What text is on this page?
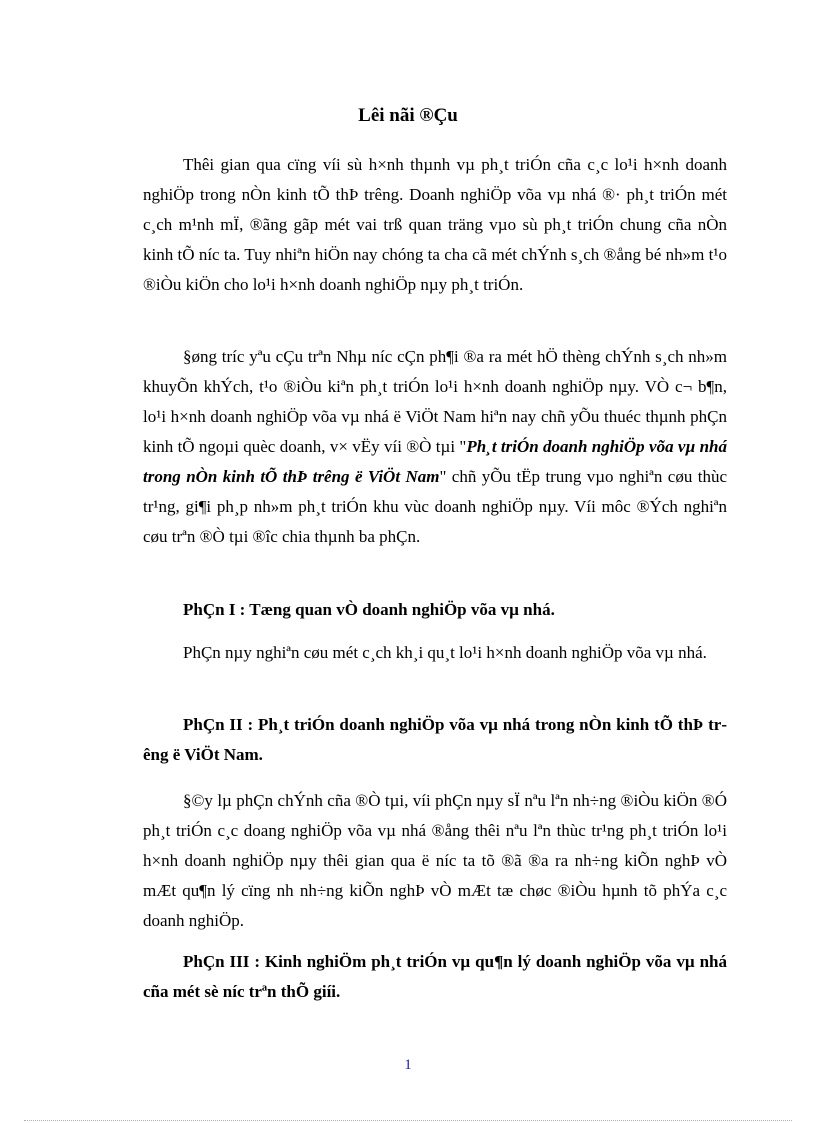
Lêi nãi ®Çu

Thêi gian qua cïng víi sù h×nh thµnh vµ ph¸t triÓn cña c¸c lo¹i h×nh doanh nghiÖp trong nÒn kinh tÕ thÞ trêng. Doanh nghiÖp võa vµ nhá ®· ph¸t triÓn mét c¸ch m¹nh mÏ, ®ãng gãp mét vai trß quan träng vµo sù ph¸t triÓn chung cña nÒn kinh tÕ níc ta. Tuy nhiªn hiÖn nay chóng ta cha cã mét chÝnh s¸ch ®ång bé nh»m t¹o ®iÒu kiÖn cho lo¹i h×nh doanh nghiÖp nµy ph¸t triÓn.

§øng tríc yªu cÇu trªn Nhµ níc cÇn ph¶i ®a ra mét hÖ thèng chÝnh s¸ch nh»m khuyÕn khÝch, t¹o ®iÒu kiªn ph¸t triÓn lo¹i h×nh doanh nghiÖp nµy. VÒ c¬ b¶n, lo¹i h×nh doanh nghiÖp võa vµ nhá ë ViÖt Nam hiªn nay chñ yÕu thuéc thµnh phÇn kinh tÕ ngoµi quèc doanh, v× vËy víi ®Ò tµi "Ph¸t triÓn doanh nghiÖp võa vµ nhá trong nÒn kinh tÕ thÞ trêng ë ViÖt Nam" chñ yÕu tËp trung vµo nghiªn cøu thùc tr¹ng, gi¶i ph¸p nh»m ph¸t triÓn khu vùc doanh nghiÖp nµy. Víi môc ®Ých nghiªn cøu trªn ®Ò tµi ®îc chia thµnh ba phÇn.

PhÇn I : Tæng quan vÒ doanh nghiÖp võa vµ nhá.

PhÇn nµy nghiªn cøu mét c¸ch kh¸i qu¸t lo¹i h×nh doanh nghiÖp võa vµ nhá.

PhÇn II : Ph¸t triÓn doanh nghiÖp võa vµ nhá trong nÒn kinh tÕ thÞ trêng ë ViÖt Nam.

§©y lµ phÇn chÝnh cña ®Ò tµi, víi phÇn nµy sÏ nªu lªn nh÷ng ®iÒu kiÖn ®Ó ph¸t triÓn c¸c doang nghiÖp võa vµ nhá ®ång thêi nªu lªn thùc tr¹ng ph¸t triÓn lo¹i h×nh doanh nghiÖp nµy thêi gian qua ë níc ta tõ ®ã ®a ra nh÷ng kiÕn nghÞ vÒ mÆt qu¶n lý cïng nh nh÷ng kiÕn nghÞ vÒ mÆt tæ chøc ®iÒu hµnh tõ phÝa c¸c doanh nghiÖp.

PhÇn III : Kinh nghiÖm ph¸t triÓn vµ qu¶n lý doanh nghiÖp võa vµ nhá cña mét sè níc trªn thÕ giíi.

1
